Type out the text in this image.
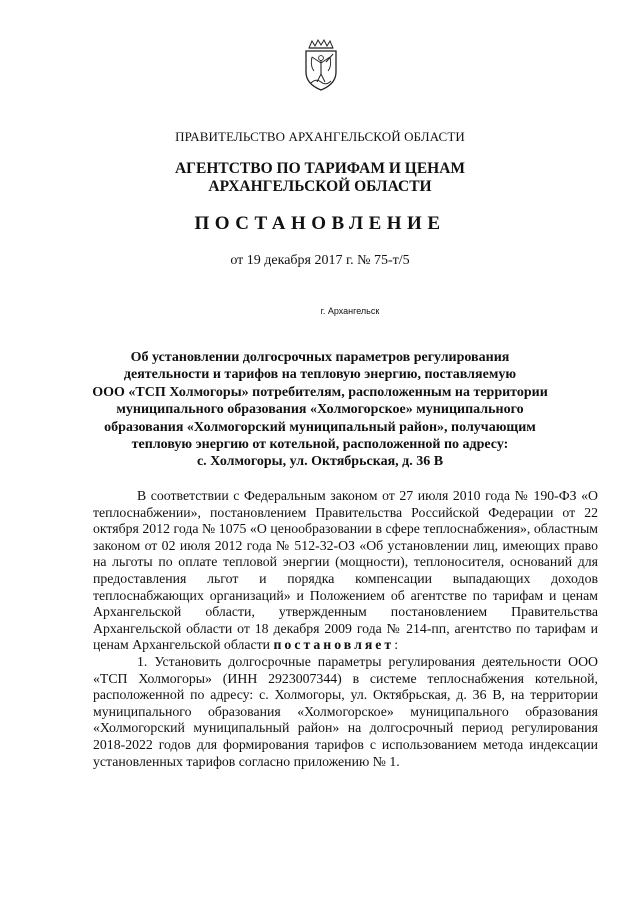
ПРАВИТЕЛЬСТВО АРХАНГЕЛЬСКОЙ ОБЛАСТИ
АГЕНТСТВО ПО ТАРИФАМ И ЦЕНАМ
АРХАНГЕЛЬСКОЙ ОБЛАСТИ
ПОСТАНОВЛЕНИЕ
от 19 декабря 2017 г. № 75-т/5
г. Архангельск
Об установлении долгосрочных параметров регулирования
деятельности и тарифов на тепловую энергию, поставляемую
ООО «ТСП Холмогоры» потребителям, расположенным на территории
муниципального образования «Холмогорское» муниципального
образования «Холмогорский муниципальный район», получающим
тепловую энергию от котельной, расположенной по адресу:
с. Холмогоры, ул. Октябрьская, д. 36 В

В соответствии с Федеральным законом от 27 июля 2010 года № 190-ФЗ «О теплоснабжении», постановлением Правительства Российской Федерации от 22 октября 2012 года № 1075 «О ценообразовании в сфере теплоснабжения», областным законом от 02 июля 2012 года № 512-32-ОЗ «Об установлении лиц, имеющих право на льготы по оплате тепловой энергии (мощности), теплоносителя, оснований для предоставления льгот и порядка компенсации выпадающих доходов теплоснабжающих организаций» и Положением об агентстве по тарифам и ценам Архангельской области, утвержденным постановлением Правительства Архангельской области от 18 декабря 2009 года № 214-пп, агентство по тарифам и ценам Архангельской области постановляет:

1. Установить долгосрочные параметры регулирования деятельности ООО «ТСП Холмогоры» (ИНН 2923007344) в системе теплоснабжения котельной, расположенной по адресу: с. Холмогоры, ул. Октябрьская, д. 36 В, на территории муниципального образования «Холмогорское» муниципального образования «Холмогорский муниципальный район» на долгосрочный период регулирования 2018-2022 годов для формирования тарифов с использованием метода индексации установленных тарифов согласно приложению № 1.
